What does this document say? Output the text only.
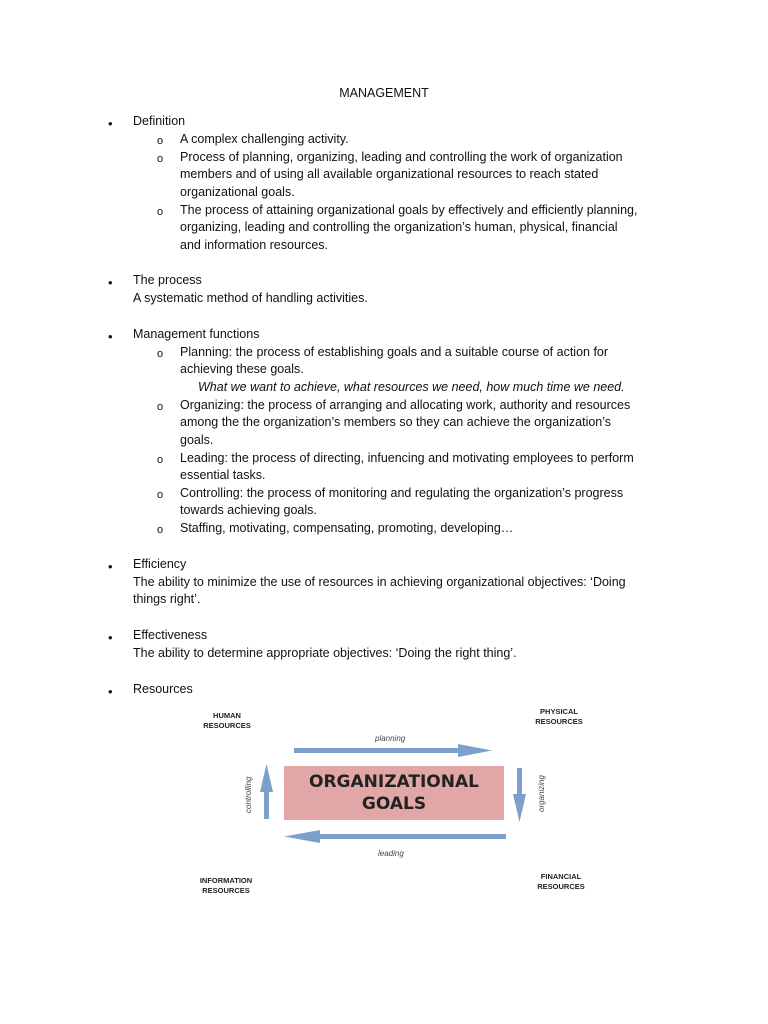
MANAGEMENT
• Definition
o A complex challenging activity.
o Process of planning, organizing, leading and controlling the work of organization
members and of using all available organizational resources to reach stated
organizational goals.
o The process of attaining organizational goals by effectively and efficiently planning,
organizing, leading and controlling the organization’s human, physical, financial
and information resources.
• The process
A systematic method of handling activities.
• Management functions
o Planning: the process of establishing goals and a suitable course of action for
achieving these goals.
What we want to achieve, what resources we need, how much time we need.
o Organizing: the process of arranging and allocating work, authority and resources
among the the organization’s members so they can achieve the organization’s
goals.
o Leading: the process of directing, infuencing and motivating employees to perform
essential tasks.
o Controlling: the process of monitoring and regulating the organization’s progress
towards achieving goals.
o Staffing, motivating, compensating, promoting, developing…
• Efficiency
The ability to minimize the use of resources in achieving organizational objectives: ‘Doing
things right’.
• Effectiveness
The ability to determine appropriate objectives: ‘Doing the right thing’.
• Resources
HUMAN
RESOURCES
PHYSICAL
RESOURCES
INFORMATION
RESOURCES
FINANCIAL
RESOURCES
planning
leading
organizing
controlling	ORGANIZATIONAL
GOALS
